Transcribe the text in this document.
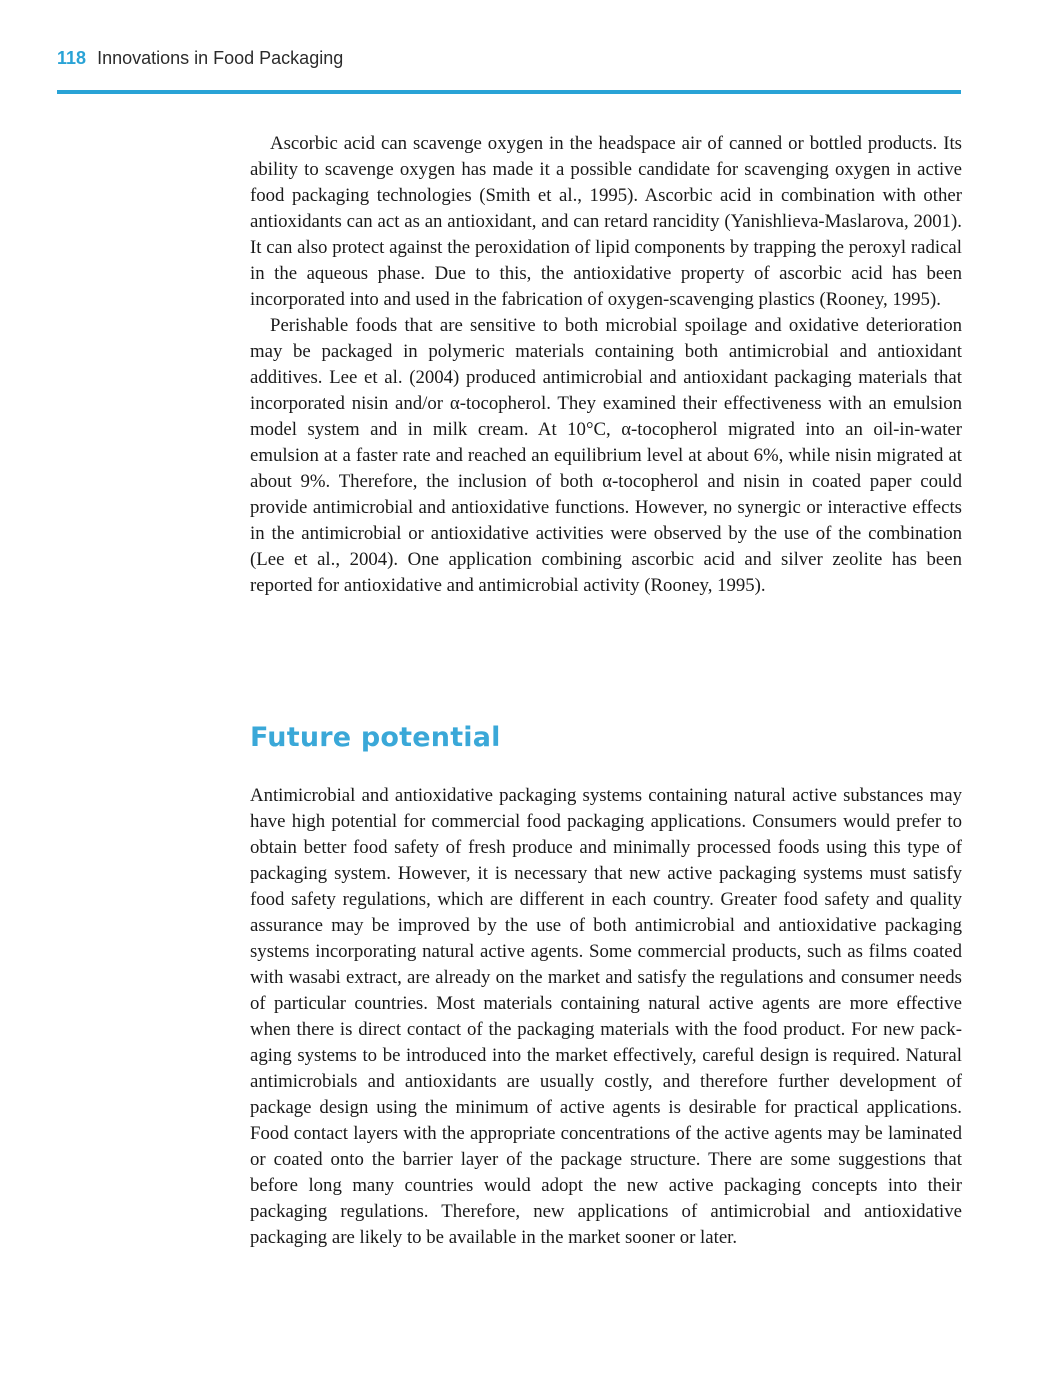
118 Innovations in Food Packaging

Ascorbic acid can scavenge oxygen in the headspace air of canned or bottled products. Its ability to scavenge oxygen has made it a possible candidate for scavenging oxygen in active food packaging technologies (Smith et al., 1995). Ascorbic acid in combination with other antioxidants can act as an antioxidant, and can retard rancidity (Yanishlieva-Maslarova, 2001). It can also protect against the peroxidation of lipid components by trapping the peroxyl radical in the aqueous phase. Due to this, the antioxidative property of ascorbic acid has been incorporated into and used in the fabrication of oxygen-scavenging plastics (Rooney, 1995).

Perishable foods that are sensitive to both microbial spoilage and oxidative deterioration may be packaged in polymeric materials containing both antimicrobial and antioxidant additives. Lee et al. (2004) produced antimicrobial and antioxidant packaging materials that incorporated nisin and/or α-tocopherol. They examined their effectiveness with an emulsion model system and in milk cream. At 10°C, α-tocopherol migrated into an oil-in-water emulsion at a faster rate and reached an equilibrium level at about 6%, while nisin migrated at about 9%. Therefore, the inclusion of both α-tocopherol and nisin in coated paper could provide antimicrobial and antioxidative functions. However, no synergic or interactive effects in the antimicrobial or antioxidative activities were observed by the use of the combination (Lee et al., 2004). One application combining ascorbic acid and silver zeolite has been reported for antioxidative and antimicrobial activity (Rooney, 1995).

Future potential

Antimicrobial and antioxidative packaging systems containing natural active substances may have high potential for commercial food packaging applications. Consumers would prefer to obtain better food safety of fresh produce and minimally processed foods using this type of packaging system. However, it is necessary that new active packaging systems must satisfy food safety regulations, which are different in each country. Greater food safety and quality assurance may be improved by the use of both antimicrobial and antioxidative packaging systems incorporating natural active agents. Some commercial products, such as films coated with wasabi extract, are already on the market and satisfy the regulations and consumer needs of particular countries. Most materials containing natural active agents are more effective when there is direct contact of the packaging materials with the food product. For new packaging systems to be introduced into the market effectively, careful design is required. Natural antimicrobials and antioxidants are usually costly, and therefore further development of package design using the minimum of active agents is desirable for practical applications. Food contact layers with the appropriate concentrations of the active agents may be laminated or coated onto the barrier layer of the package structure. There are some suggestions that before long many countries would adopt the new active packaging concepts into their packaging regulations. Therefore, new applications of antimicrobial and antioxidative packaging are likely to be available in the market sooner or later.
